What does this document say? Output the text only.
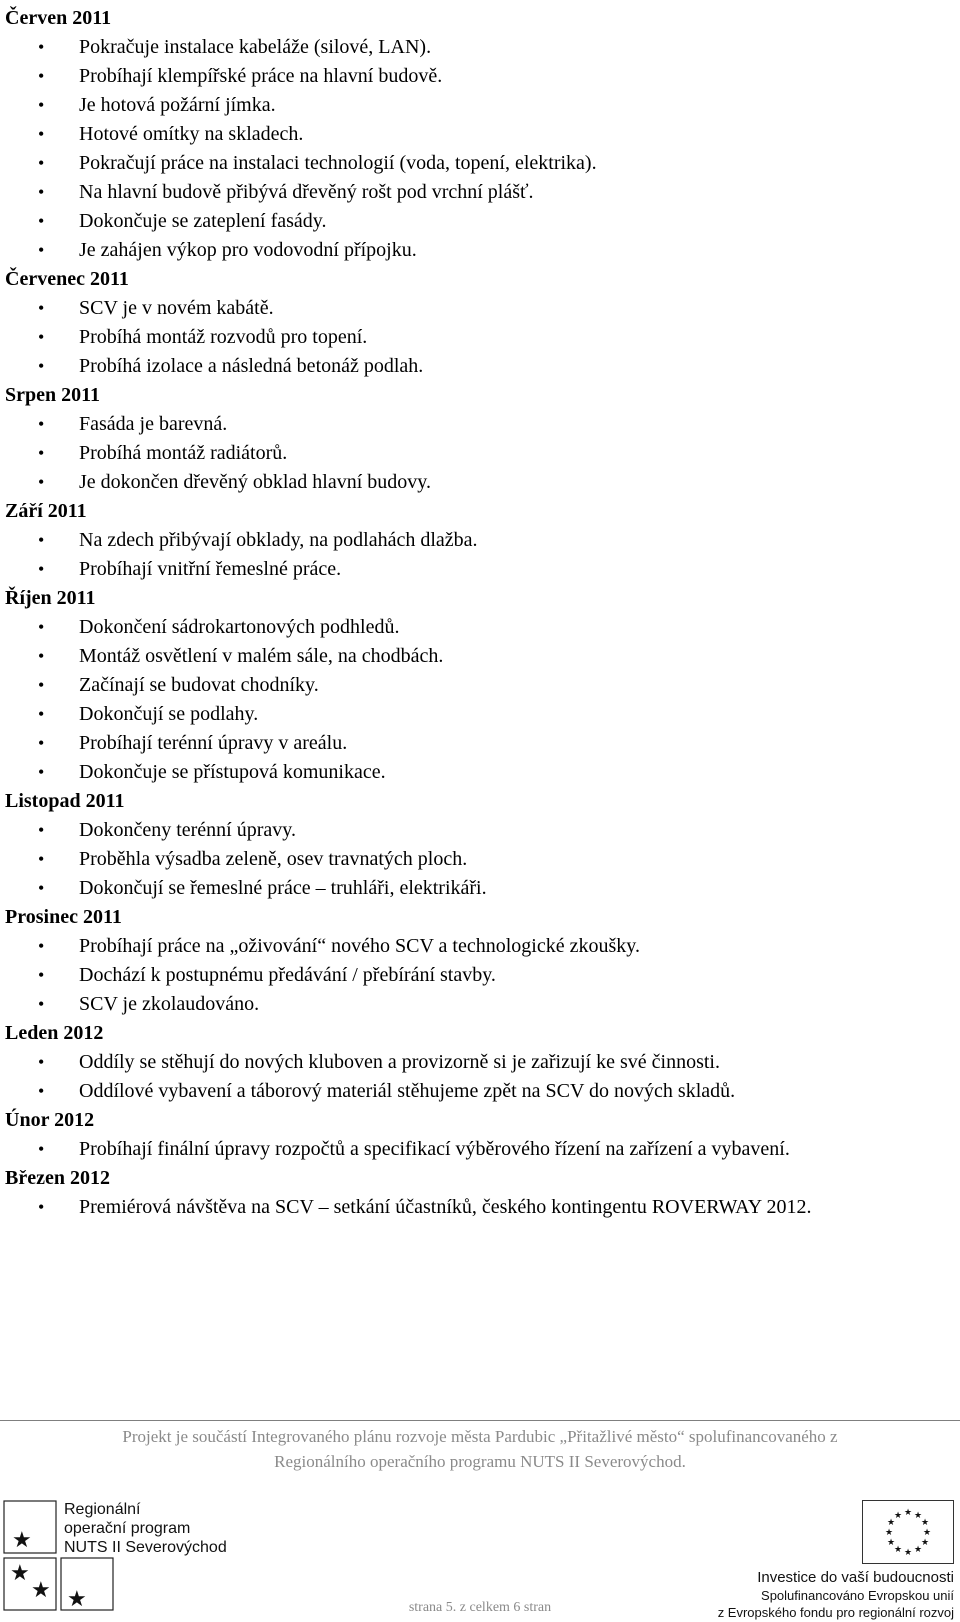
Červen 2011

• Pokračuje instalace kabeláže (silové, LAN).
• Probíhají klempířské práce na hlavní budově.
• Je hotová požární jímka.
• Hotové omítky na skladech.
• Pokračují práce na instalaci technologií (voda, topení, elektrika).
• Na hlavní budově přibývá dřevěný rošt pod vrchní plášť.
• Dokončuje se zateplení fasády.
• Je zahájen výkop pro vodovodní přípojku.

Červenec 2011

• SCV je v novém kabátě.
• Probíhá montáž rozvodů pro topení.
• Probíhá izolace a následná betonáž podlah.

Srpen 2011

• Fasáda je barevná.
• Probíhá montáž radiátorů.
• Je dokončen dřevěný obklad hlavní budovy.

Září 2011

• Na zdech přibývají obklady, na podlahách dlažba.
• Probíhají vnitřní řemeslné práce.

Říjen 2011

• Dokončení sádrokartonových podhledů.
• Montáž osvětlení v malém sále, na chodbách.
• Začínají se budovat chodníky.
• Dokončují se podlahy.
• Probíhají terénní úpravy v areálu.
• Dokončuje se přístupová komunikace.

Listopad 2011

• Dokončeny terénní úpravy.
• Proběhla výsadba zeleně, osev travnatých ploch.
• Dokončují se řemeslné práce – truhláři, elektrikáři.

Prosinec 2011

• Probíhají práce na „oživování“ nového SCV a technologické zkoušky.
• Dochází k postupnému předávání / přebírání stavby.
• SCV je zkolaudováno.

Leden 2012

• Oddíly se stěhují do nových kluboven a provizorně si je zařizují ke své činnosti.
• Oddílové vybavení a táborový materiál stěhujeme zpět na SCV do nových skladů.

Únor 2012

• Probíhají finální úpravy rozpočtů a specifikací výběrového řízení na zařízení a vybavení.

Březen 2012

• Premiérová návštěva na SCV – setkání účastníků, českého kontingentu ROVERWAY 2012.
Projekt je součástí Integrovaného plánu rozvoje města Pardubic „Přitažlivé město“ spolufinancovaného z
Regionálního operačního programu NUTS II Severovýchod.
★
★
★ ★
Regionální
operační program
NUTS II Severovýchod
★ ★
★
★
★
★
★
★
★
★
★
★
Investice do vaší budoucnosti
Spolufinancováno Evropskou unií
z Evropského fondu pro regionální rozvoj
strana 5. z celkem 6 stran
